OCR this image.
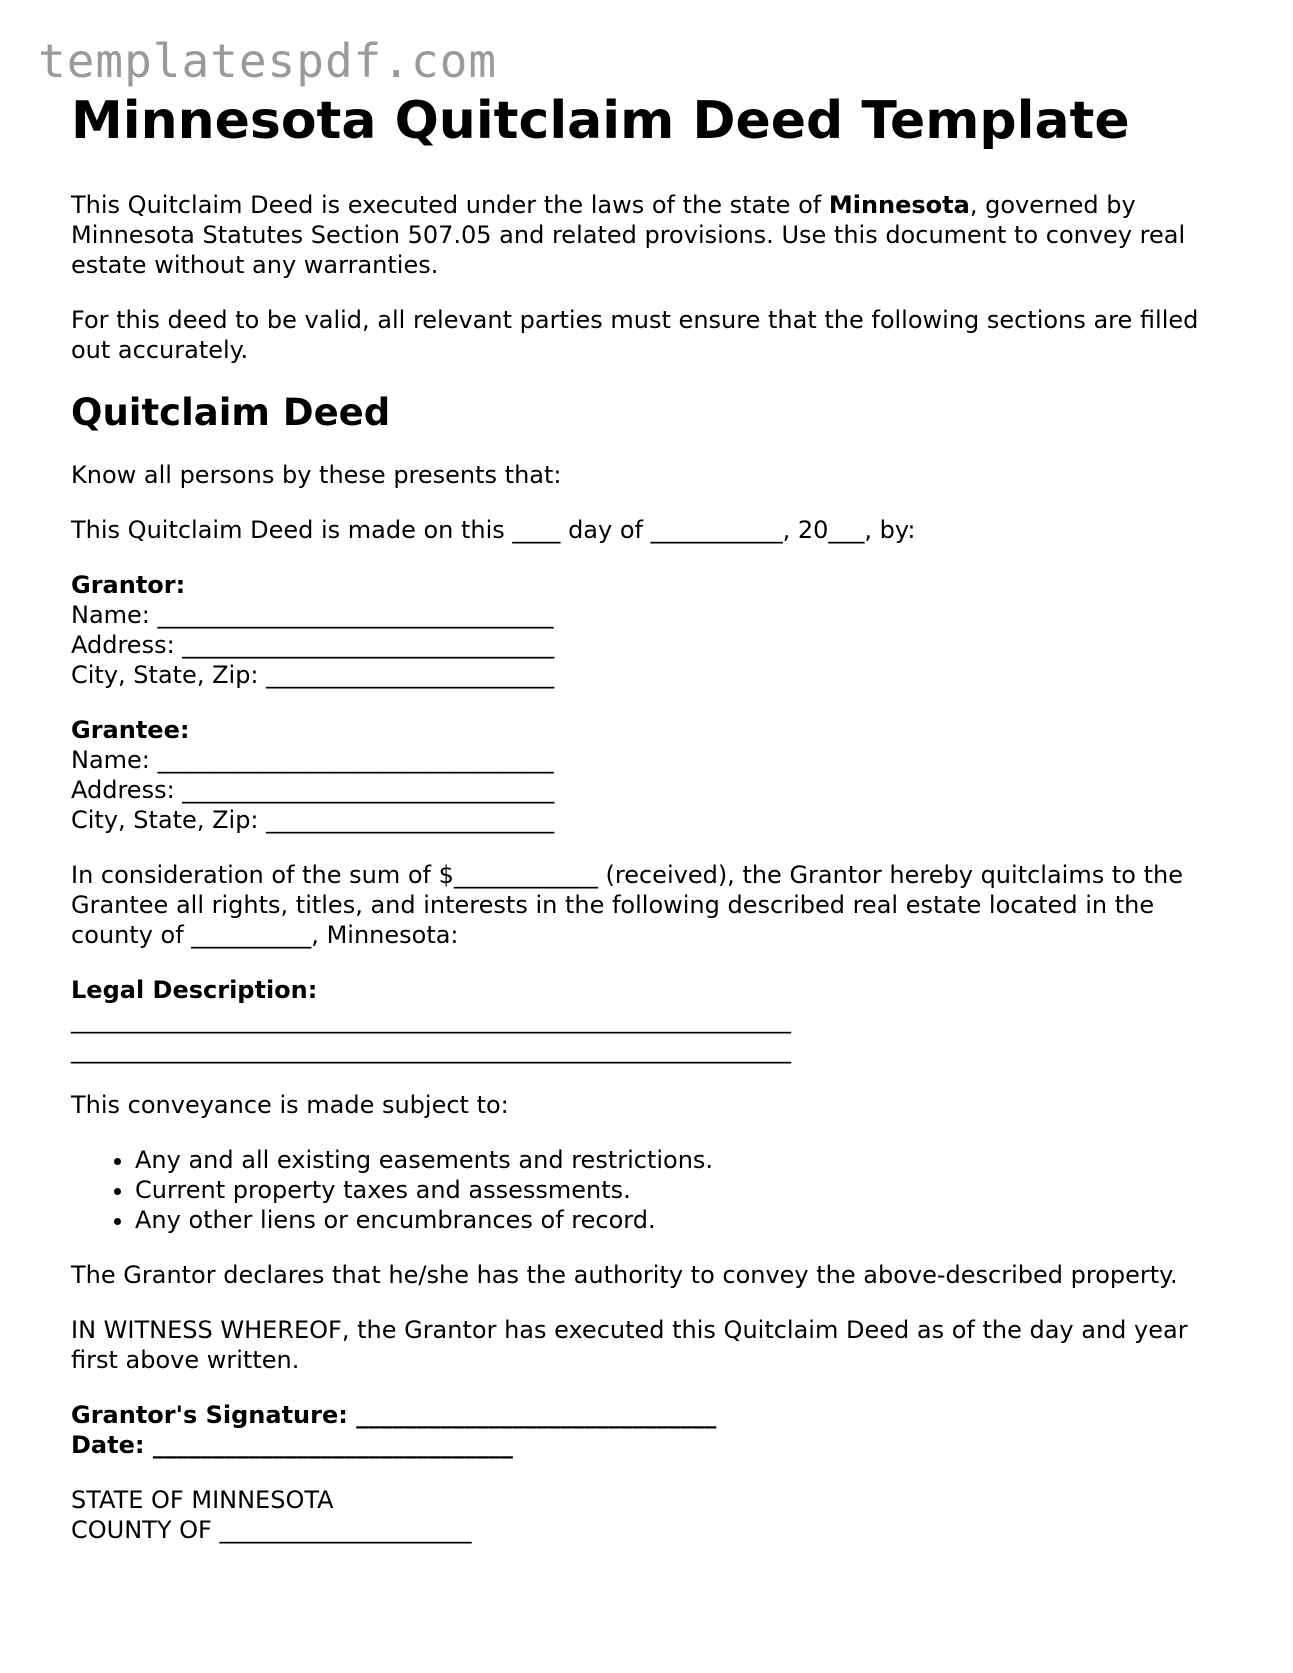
templatespdf.com
Minnesota Quitclaim Deed Template

This Quitclaim Deed is executed under the laws of the state of Minnesota, governed by Minnesota Statutes Section 507.05 and related provisions. Use this document to convey real estate without any warranties.

For this deed to be valid, all relevant parties must ensure that the following sections are filled out accurately.

Quitclaim Deed

Know all persons by these presents that:

This Quitclaim Deed is made on this ____ day of ___________, 20___, by:

Grantor:
Name: _________________________________
Address: _______________________________
City, State, Zip: ________________________
Grantee:
Name: _________________________________
Address: _______________________________
City, State, Zip: ________________________

In consideration of the sum of $____________ (received), the Grantor hereby quitclaims to the Grantee all rights, titles, and interests in the following described real estate located in the county of __________, Minnesota:

Legal Description:
____________________________________________________________
____________________________________________________________

This conveyance is made subject to:

• Any and all existing easements and restrictions.
• Current property taxes and assessments.
• Any other liens or encumbrances of record.

The Grantor declares that he/she has the authority to convey the above-described property.

IN WITNESS WHEREOF, the Grantor has executed this Quitclaim Deed as of the day and year first above written.

Grantor's Signature: ______________________________
Date: ______________________________
STATE OF MINNESOTA
COUNTY OF _____________________
